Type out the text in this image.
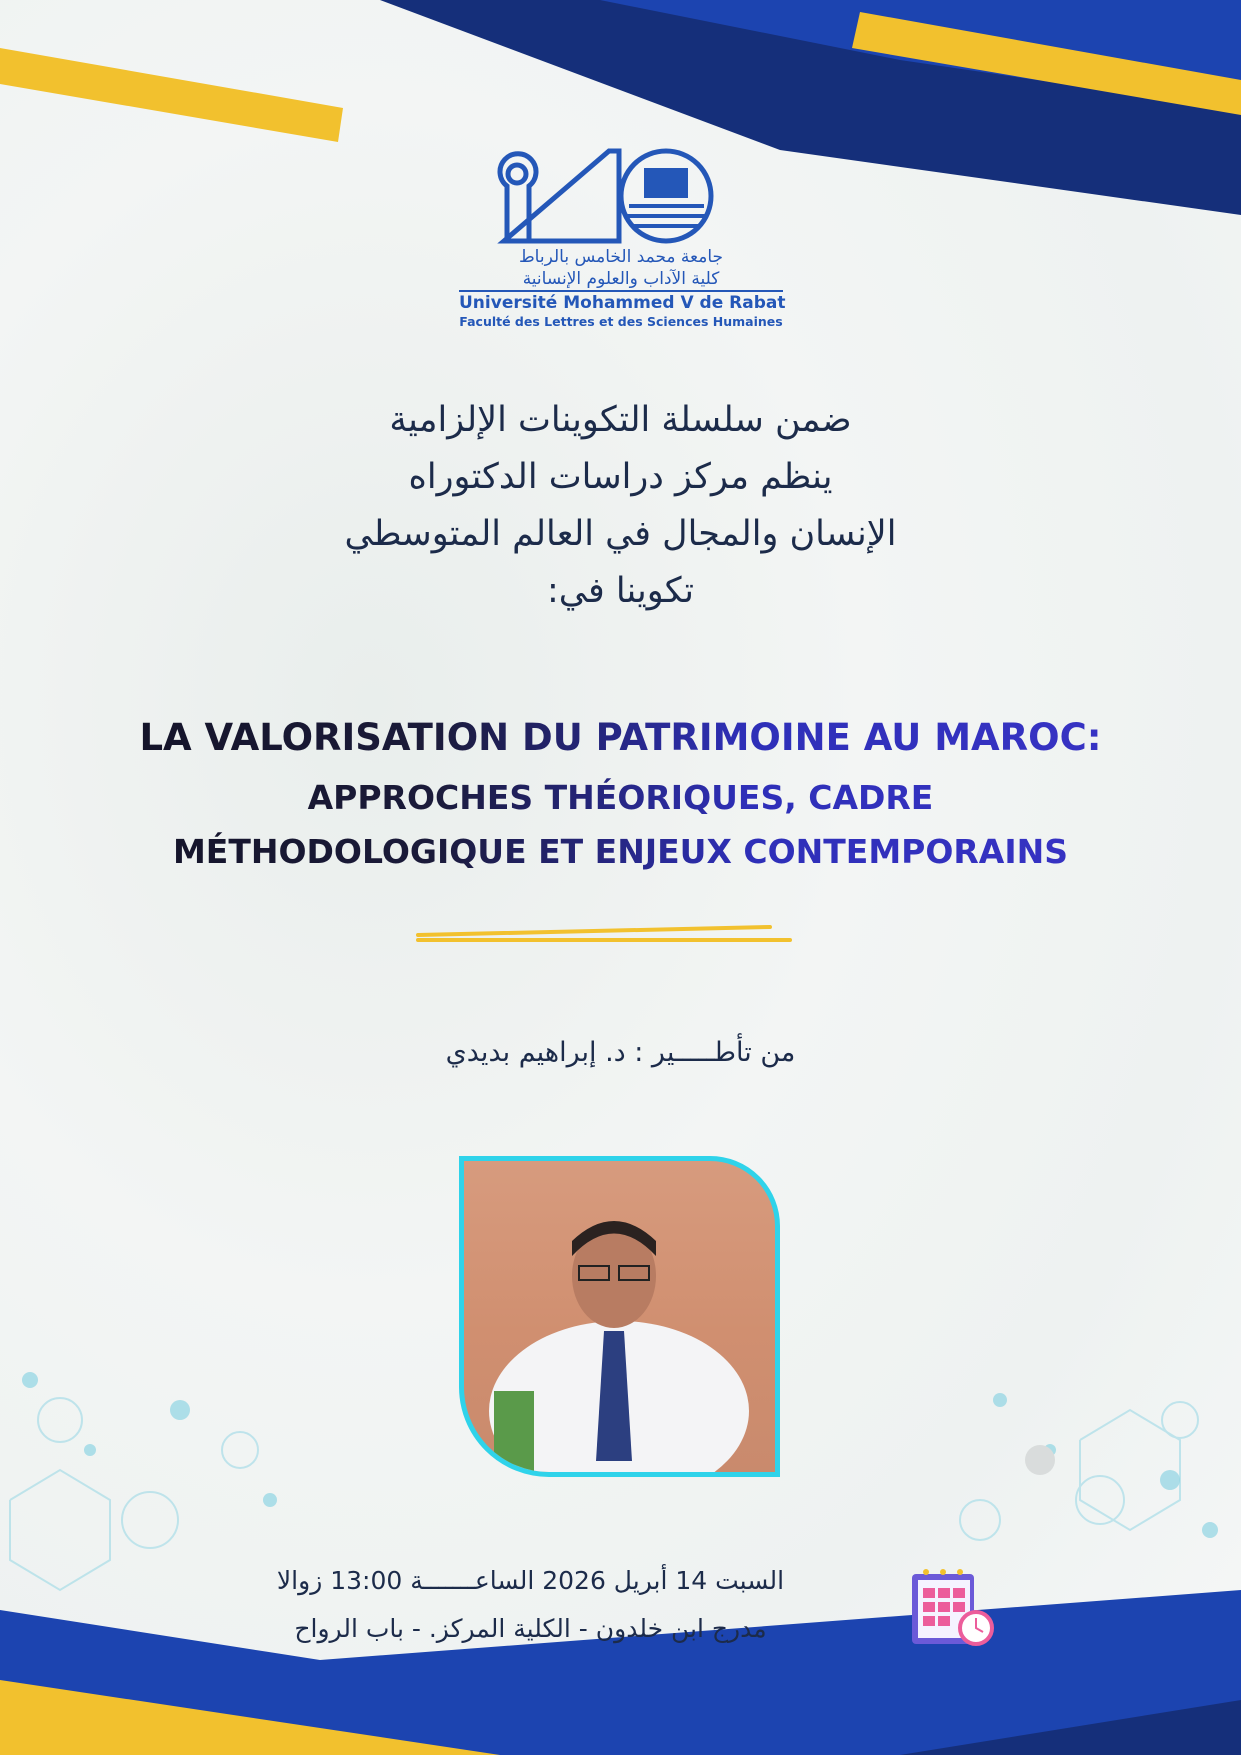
جامعة محمد الخامس بالرباط
كلية الآداب والعلوم الإنسانية
Université Mohammed V de Rabat
Faculté des Lettres et des Sciences Humaines
ضمن سلسلة التكوينات الإلزامية
ينظم مركز دراسات الدكتوراه
الإنسان والمجال في العالم المتوسطي
تكوينا في:
LA VALORISATION DU PATRIMOINE AU MAROC:
APPROCHES THÉORIQUES, CADRE
MÉTHODOLOGIQUE ET ENJEUX CONTEMPORAINS
من تأطـــــير : د. إبراهيم بديدي
السبت 14 أبريل 2026 الساعـــــــة 13:00 زوالا
مدرج ابن خلدون - الكلية المركز. - باب الرواح
